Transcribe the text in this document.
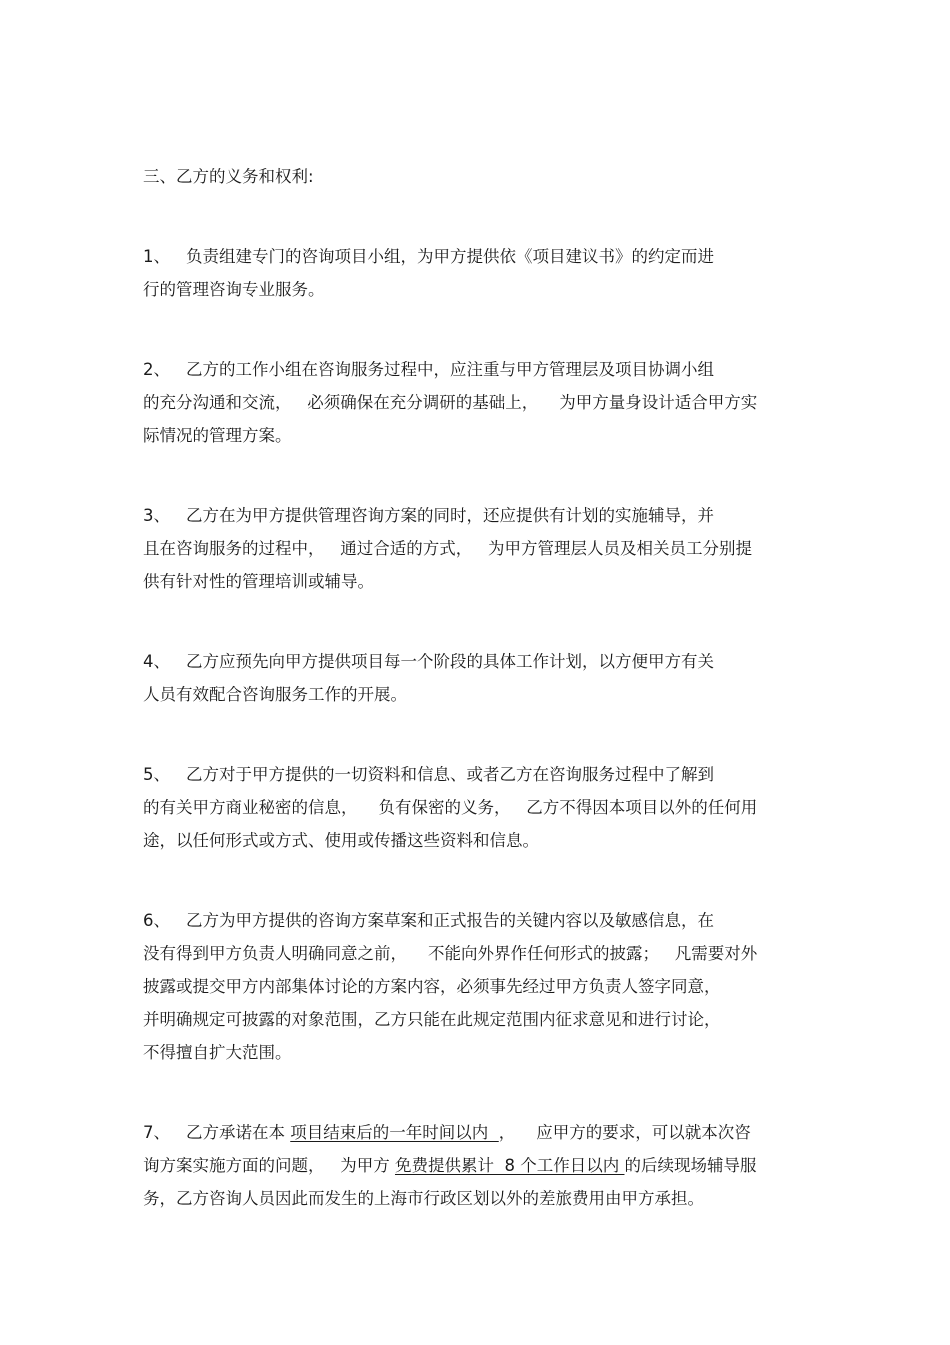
三、乙方的义务和权利:
1、 负责组建专门的咨询项目小组，为甲方提供依《项目建议书》的约定而进
行的管理咨询专业服务。
2、 乙方的工作小组在咨询服务过程中，应注重与甲方管理层及项目协调小组
的充分沟通和交流，   必须确保在充分调研的基础上，    为甲方量身设计适合甲方实
际情况的管理方案。
3、 乙方在为甲方提供管理咨询方案的同时，还应提供有计划的实施辅导，并
且在咨询服务的过程中，   通过合适的方式，   为甲方管理层人员及相关员工分别提
供有针对性的管理培训或辅导。
4、 乙方应预先向甲方提供项目每一个阶段的具体工作计划，以方便甲方有关
人员有效配合咨询服务工作的开展。
5、 乙方对于甲方提供的一切资料和信息、或者乙方在咨询服务过程中了解到
的有关甲方商业秘密的信息，    负有保密的义务，   乙方不得因本项目以外的任何用
途，以任何形式或方式、使用或传播这些资料和信息。
6、 乙方为甲方提供的咨询方案草案和正式报告的关键内容以及敏感信息，在
没有得到甲方负责人明确同意之前，    不能向外界作任何形式的披露；   凡需要对外
披露或提交甲方内部集体讨论的方案内容，必须事先经过甲方负责人签字同意，
并明确规定可披露的对象范围，乙方只能在此规定范围内征求意见和进行讨论，
不得擅自扩大范围。
7、 乙方承诺在本 项目结束后的一年时间以内  ，    应甲方的要求，可以就本次咨
询方案实施方面的问题，   为甲方 免费提供累计  8 个工作日以内 的后续现场辅导服
务，乙方咨询人员因此而发生的上海市行政区划以外的差旅费用由甲方承担。
